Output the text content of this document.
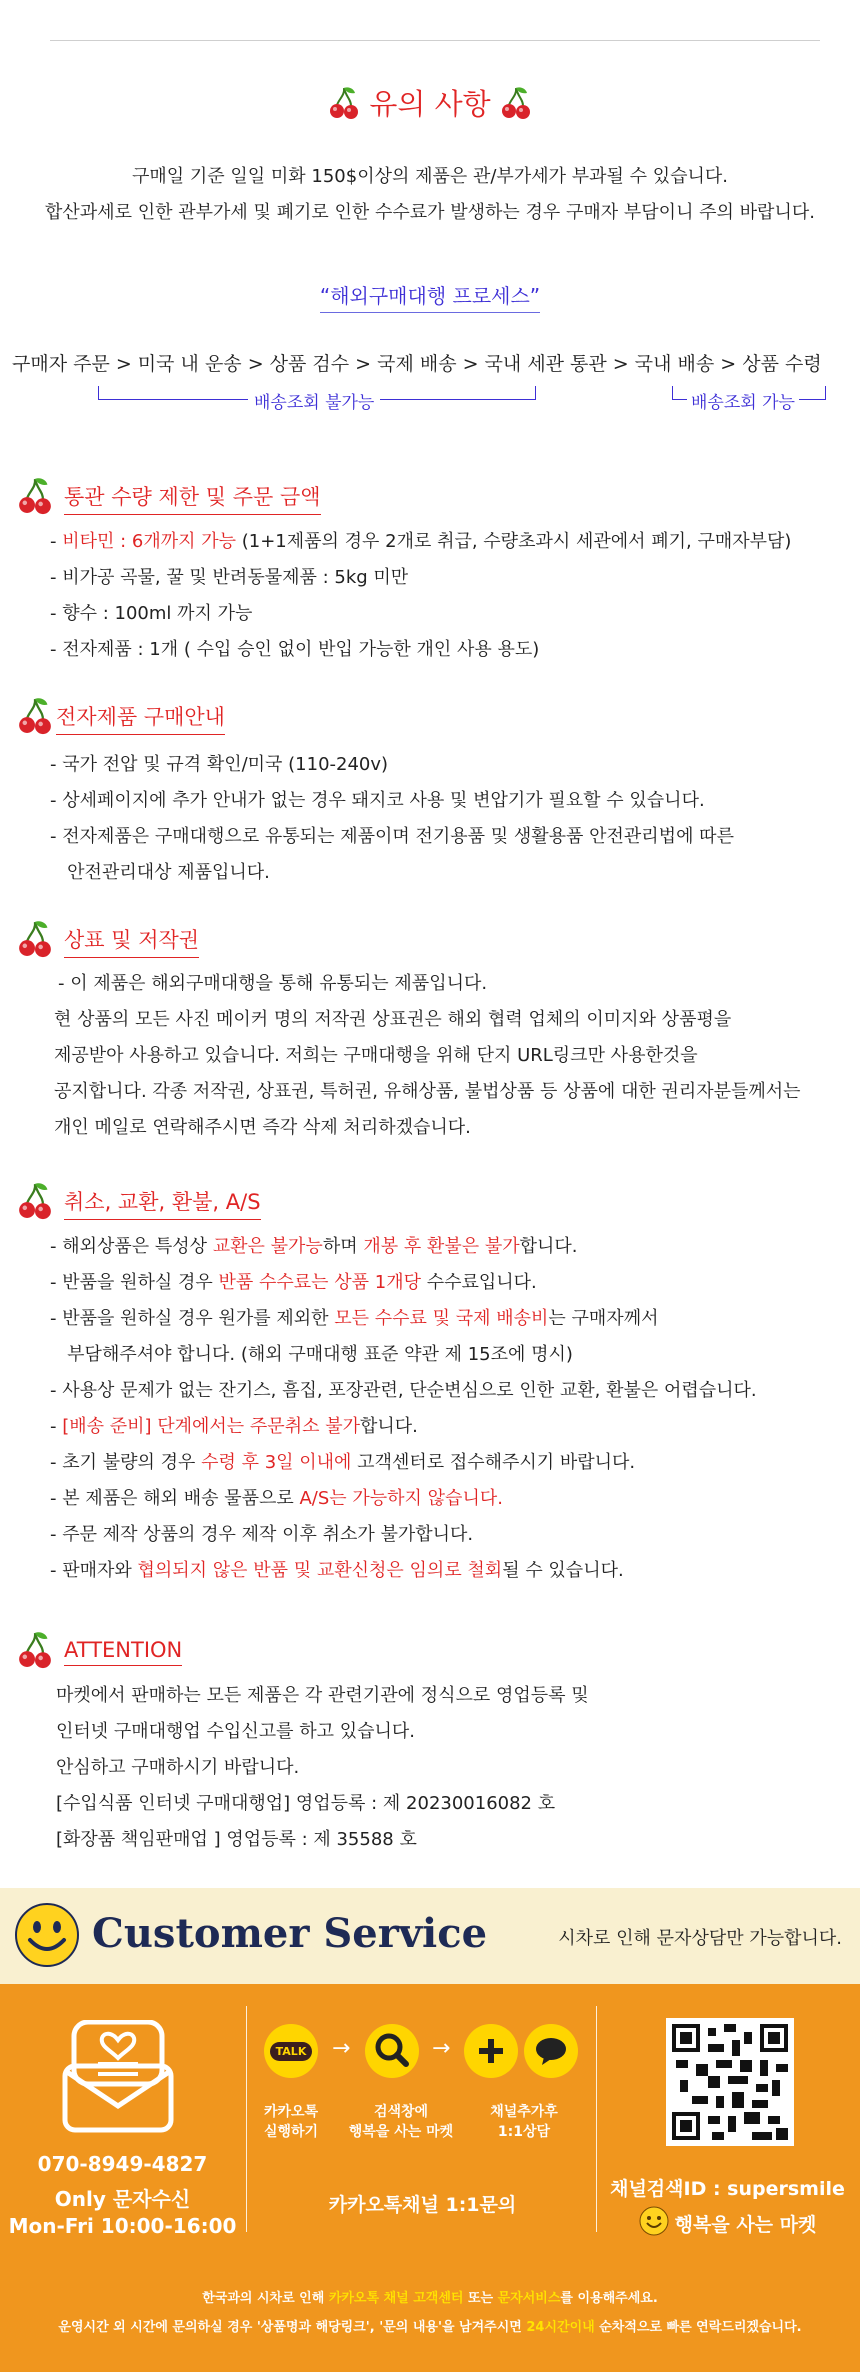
유의 사항
구매일 기준 일일 미화 150$이상의 제품은 관/부가세가 부과될 수 있습니다.
합산과세로 인한 관부가세 및 폐기로 인한 수수료가 발생하는 경우 구매자 부담이니 주의 바랍니다.
“해외구매대행 프로세스”
구매자 주문 > 미국 내 운송 > 상품 검수 > 국제 배송 > 국내 세관 통관 > 국내 배송 > 상품 수령
배송조회 불가능	배송조회 가능
통관 수량 제한 및 주문 금액
- 비타민 : 6개까지 가능 (1+1제품의 경우 2개로 취급, 수량초과시 세관에서 폐기, 구매자부담)
- 비가공 곡물, 꿀 및 반려동물제품 : 5kg 미만
- 향수 : 100ml 까지 가능
- 전자제품 : 1개 ( 수입 승인 없이 반입 가능한 개인 사용 용도)
전자제품 구매안내
- 국가 전압 및 규격 확인/미국 (110-240v)
- 상세페이지에 추가 안내가 없는 경우 돼지코 사용 및 변압기가 필요할 수 있습니다.
- 전자제품은 구매대행으로 유통되는 제품이며 전기용품 및 생활용품 안전관리법에 따른
안전관리대상 제품입니다.
상표 및 저작권
- 이 제품은 해외구매대행을 통해 유통되는 제품입니다.
현 상품의 모든 사진 메이커 명의 저작권 상표권은 해외 협력 업체의 이미지와 상품평을
제공받아 사용하고 있습니다. 저희는 구매대행을 위해 단지 URL링크만 사용한것을
공지합니다. 각종 저작권, 상표권, 특허권, 유해상품, 불법상품 등 상품에 대한 권리자분들께서는
개인 메일로 연락해주시면 즉각 삭제 처리하겠습니다.
취소, 교환, 환불, A/S
- 해외상품은 특성상 교환은 불가능하며 개봉 후 환불은 불가합니다.
- 반품을 원하실 경우 반품 수수료는 상품 1개당 수수료입니다.
- 반품을 원하실 경우 원가를 제외한 모든 수수료 및 국제 배송비는 구매자께서
부담해주셔야 합니다. (해외 구매대행 표준 약관 제 15조에 명시)
- 사용상 문제가 없는 잔기스, 흠집, 포장관련, 단순변심으로 인한 교환, 환불은 어렵습니다.
- [배송 준비] 단계에서는 주문취소 불가합니다.
- 초기 불량의 경우 수령 후 3일 이내에 고객센터로 접수해주시기 바랍니다.
- 본 제품은 해외 배송 물품으로 A/S는 가능하지 않습니다.
- 주문 제작 상품의 경우 제작 이후 취소가 불가합니다.
- 판매자와 협의되지 않은 반품 및 교환신청은 임의로 철회될 수 있습니다.
ATTENTION
마켓에서 판매하는 모든 제품은 각 관련기관에 정식으로 영업등록 및
인터넷 구매대행업 수입신고를 하고 있습니다.
안심하고 구매하시기 바랍니다.
[수입식품 인터넷 구매대행업] 영업등록 : 제 20230016082 호
[화장품 책임판매업 ] 영업등록 : 제 35588 호
Customer Service	시차로 인해 문자상담만 가능합니다.
070-8949-4827
Only 문자수신
Mon-Fri 10:00-16:00
TALK →	→
카카오톡
실행하기
검색창에
행복을 사는 마켓
채널추가후
1:1상담
카카오톡채널 1:1문의
채널검색ID : supersmile
행복을 사는 마켓
한국과의 시차로 인해 카카오톡 채널 고객센터 또는 문자서비스를 이용해주세요.
운영시간 외 시간에 문의하실 경우 '상품명과 해당링크', '문의 내용'을 남겨주시면 24시간이내 순차적으로 빠른 연락드리겠습니다.
